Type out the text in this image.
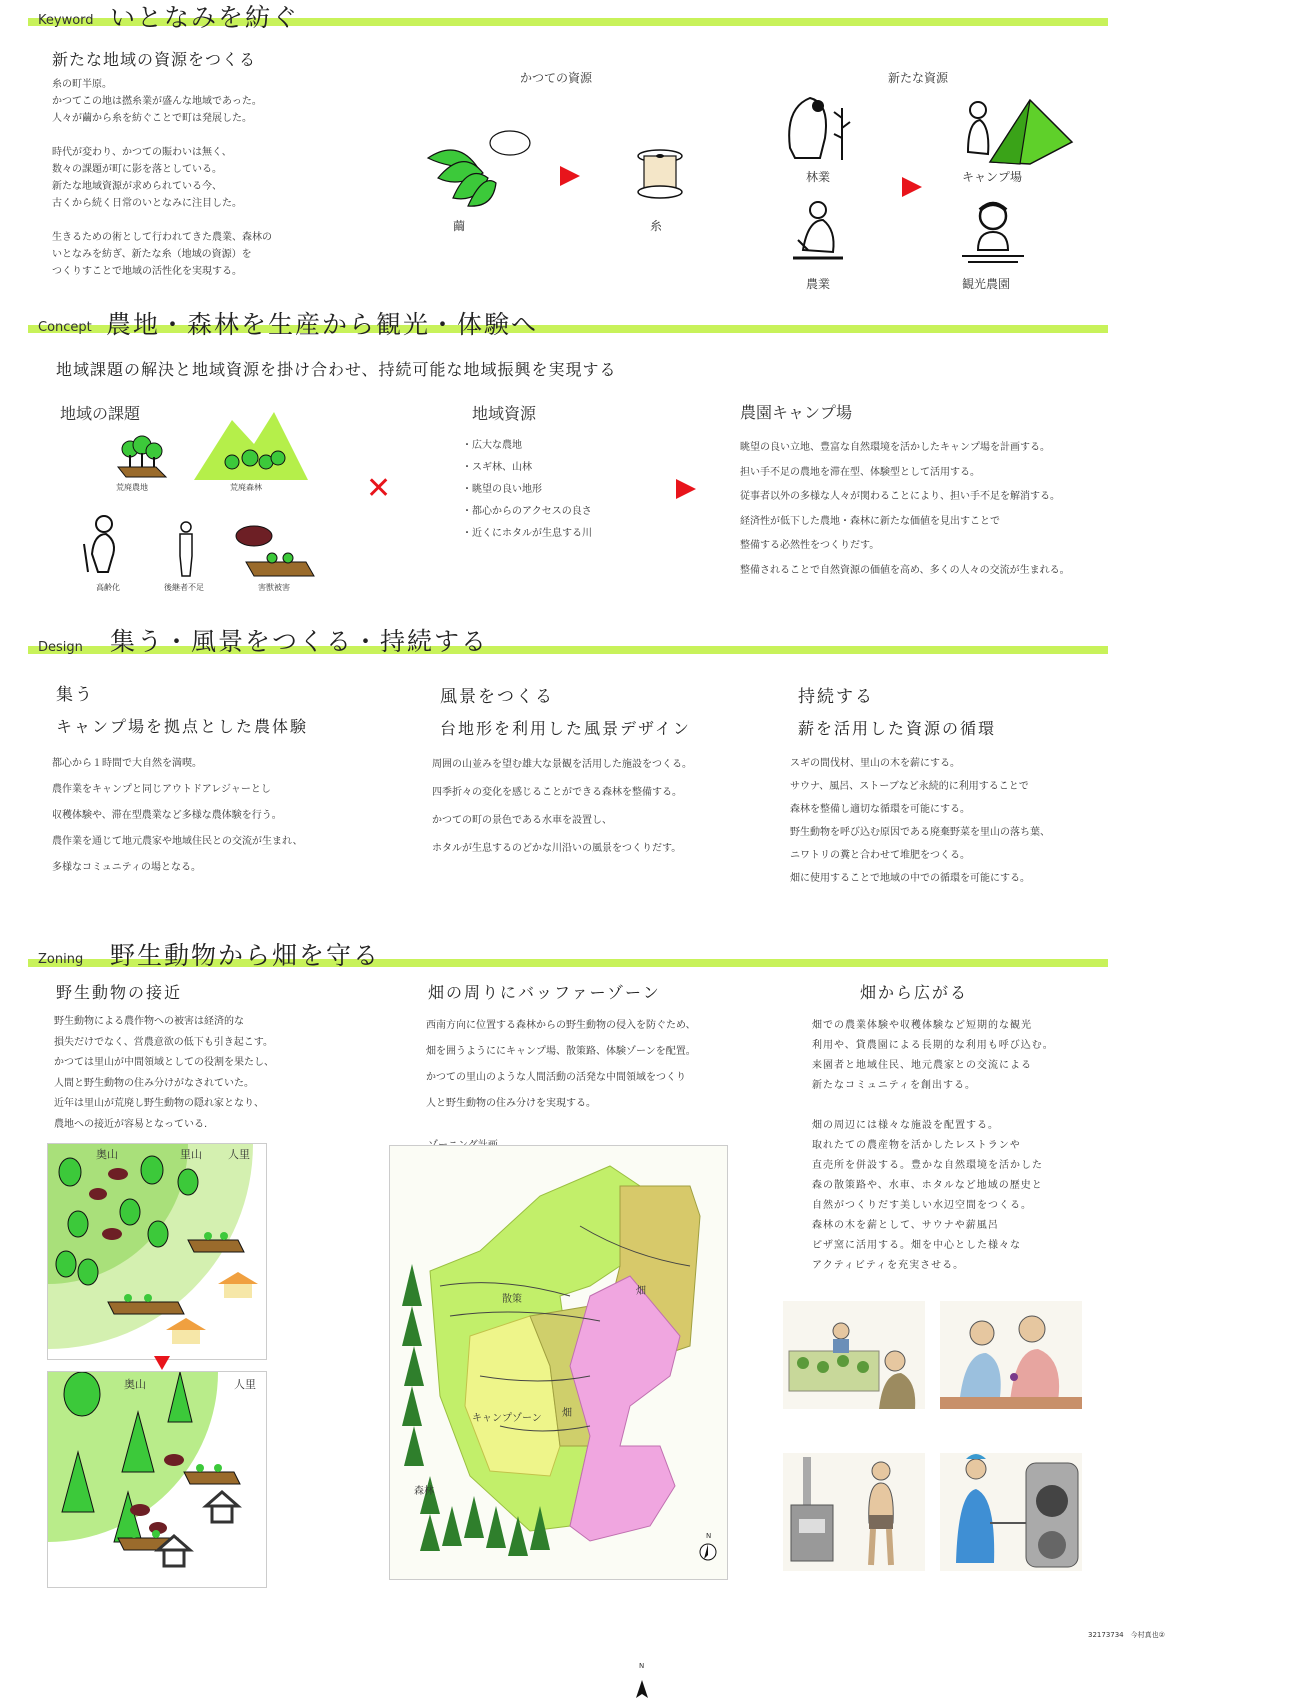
Keyword いとなみを紡ぐ
新たな地域の資源をつくる
糸の町半原。
かつてこの地は撚糸業が盛んな地域であった。
人々が繭から糸を紡ぐことで町は発展した。

時代が変わり、かつての賑わいは無く、
数々の課題が町に影を落としている。
新たな地域資源が求められている今、
古くから続く日常のいとなみに注目した。

生きるための術として行われてきた農業、森林の
いとなみを紡ぎ、新たな糸（地域の資源）を
つくりすことで地域の活性化を実現する。
かつての資源	新たな資源
繭	糸
林業
農業
キャンプ場
観光農園
Concept 農地・森林を生産から観光・体験へ
地域課題の解決と地域資源を掛け合わせ、持続可能な地域振興を実現する
地域の課題
荒廃農地	荒廃森林
高齢化	後継者不足	害獣被害
✕
地域資源
・広大な農地
・スギ林、山林
・眺望の良い地形
・都心からのアクセスの良さ
・近くにホタルが生息する川
農園キャンプ場
眺望の良い立地、豊富な自然環境を活かしたキャンプ場を計画する。
担い手不足の農地を滞在型、体験型として活用する。
従事者以外の多様な人々が関わることにより、担い手不足を解消する。
経済性が低下した農地・森林に新たな価値を見出すことで
整備する必然性をつくりだす。
整備されることで自然資源の価値を高め、多くの人々の交流が生まれる。
Design 集う・風景をつくる・持続する
集う
キャンプ場を拠点とした農体験
都心から１時間で大自然を満喫。
農作業をキャンプと同じアウトドアレジャーとし
収穫体験や、滞在型農業など多様な農体験を行う。
農作業を通じて地元農家や地域住民との交流が生まれ、
多様なコミュニティの場となる。
風景をつくる
台地形を利用した風景デザイン
周囲の山並みを望む雄大な景観を活用した施設をつくる。
四季折々の変化を感じることができる森林を整備する。
かつての町の景色である水車を設置し、
ホタルが生息するのどかな川沿いの風景をつくりだす。
持続する
薪を活用した資源の循環
スギの間伐材、里山の木を薪にする。
サウナ、風呂、ストーブなど永続的に利用することで
森林を整備し適切な循環を可能にする。
野生動物を呼び込む原因である廃棄野菜を里山の落ち葉、
ニワトリの糞と合わせて堆肥をつくる。
畑に使用することで地域の中での循環を可能にする。
Zoning 野生動物から畑を守る
野生動物の接近
野生動物による農作物への被害は経済的な
損失だけでなく、営農意欲の低下も引き起こす。
かつては里山が中間領域としての役割を果たし、
人間と野生動物の住み分けがなされていた。
近年は里山が荒廃し野生動物の隠れ家となり、
農地への接近が容易となっている.
畑の周りにバッファーゾーン
西南方向に位置する森林からの野生動物の侵入を防ぐため、
畑を囲うようににキャンプ場、散策路、体験ゾーンを配置。
かつての里山のような人間活動の活発な中間領域をつくり
人と野生動物の住み分けを実現する。
畑から広がる
畑での農業体験や収穫体験など短期的な観光
利用や、貸農園による長期的な利用も呼び込む。
来園者と地域住民、地元農家との交流による
新たなコミュニティを創出する。

畑の周辺には様々な施設を配置する。
取れたての農産物を活かしたレストランや
直売所を併設する。豊かな自然環境を活かした
森の散策路や、水車、ホタルなど地域の歴史と
自然がつくりだす美しい水辺空間をつくる。
森林の木を薪として、サウナや薪風呂
ピザ窯に活用する。畑を中心とした様々な
アクティビティを充実させる。
奥山	里山 人里
奥山	人里
散策
畑
キャンプゾーン 畑
森林
N
32173734　今村真也②
N
